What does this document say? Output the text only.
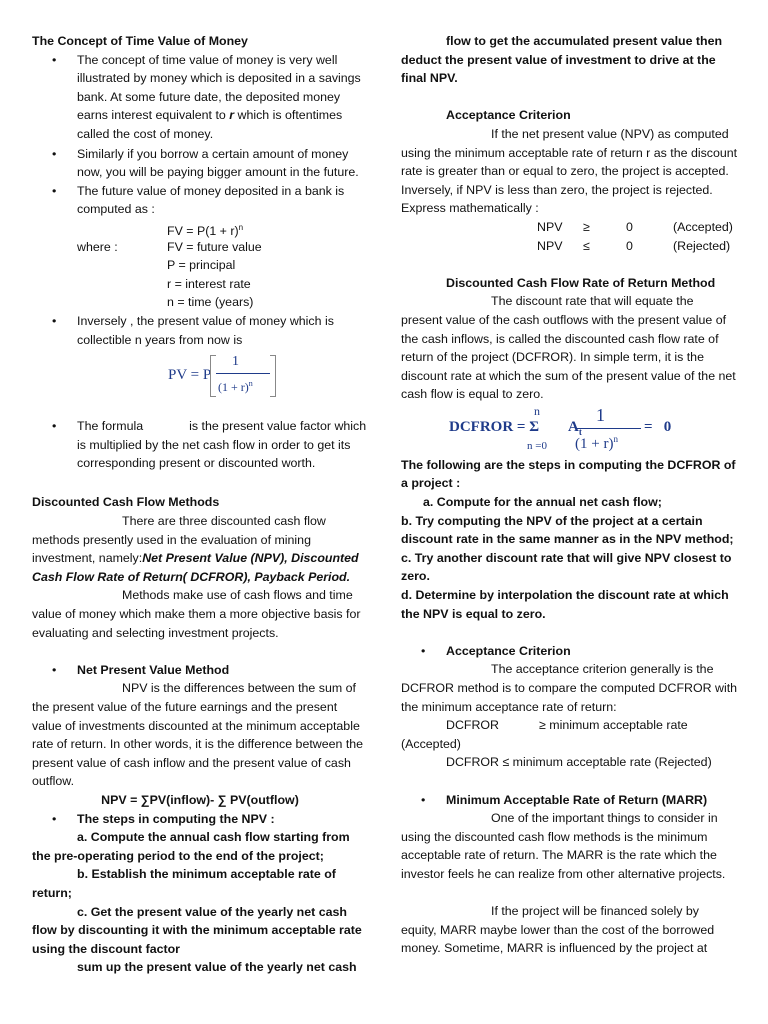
The Concept of Time Value of Money

• The concept of time value of money is very well illustrated by money which is deposited in a savings bank. At some future date, the deposited money earns interest equivalent to r which is oftentimes called the cost of money.

• Similarly if you borrow a certain amount of money now, you will be paying bigger amount in the future.

• The future value of money deposited in a bank is computed as :

FV = $P(1 + r)^n$
where :	FV = future value
P = principal
r = interest rate
n = time (years)
• Inversely , the present value of money which is collectible n years from now is

PV = P
1
$(1 + r)^n$
• The formula	is the present value factor which is multiplied by the net cash flow in order to get its corresponding present or discounted worth.

Discounted Cash Flow Methods

There are three discounted cash flow methods presently used in the evaluation of mining investment, namely:Net Present Value (NPV), Discounted Cash Flow Rate of Return( DCFROR), Payback Period.

Methods make use of cash flows and time value of money which make them a more objective basis for evaluating and selecting investment projects.

• Net Present Value Method

NPV is the differences between the sum of the present value of the future earnings and the present value of investments discounted at the minimum acceptable rate of return. In other words, it is the difference between the present value of cash inflow and the present value of cash outflow.

NPV = ∑PV(inflow)- ∑ PV(outflow)

• The steps in computing the NPV :

a. Compute the annual cash flow starting from the pre-operating period to the end of the project;

b. Establish the minimum acceptable rate of return;

c. Get the present value of the yearly net cash flow by discounting it with the minimum acceptable rate using the discount factor

sum up the present value of the yearly net cash

flow to get the accumulated present value then deduct the present value of investment to drive at the final NPV.

Acceptance Criterion

If the net present value (NPV) as computed using the minimum acceptable rate of return r as the discount rate is greater than or equal to zero, the project is accepted. Inversely, if NPV is less than zero, the project is rejected. Express mathematically :

NPV ≥	0	(Accepted)
NPV ≤	0	(Rejected)

Discounted Cash Flow Rate of Return Method

The discount rate that will equate the present value of the cash outflows with the present value of the cash inflows, is called the discounted cash flow rate of return of the project (DCFROR). In simple term, it is the discount rate at which the sum of the present value of the net cash flow is equal to zero.

n
DCFROR = Σ
n =0
$A_t$
1
$(1 + r)^n$
=   0

The following are the steps in computing the DCFROR of a project :

a. Compute for the annual net cash flow;

b. Try computing the NPV of the project at a certain discount rate in the same manner as in the NPV method;

c. Try another discount rate that will give NPV closest to zero.

d. Determine by interpolation the discount rate at which the NPV is equal to zero.

• Acceptance Criterion

The acceptance criterion generally is the DCFROR method is to compare the computed DCFROR with the minimum acceptance rate of return:

DCFROR	≥ minimum acceptable rate

(Accepted)

DCFROR ≤ minimum acceptable rate (Rejected)

• Minimum Acceptable Rate of Return (MARR)

One of the important things to consider in using the discounted cash flow methods is the minimum acceptable rate of return. The MARR is the rate which the investor feels he can realize from other alternative projects.

If the project will be financed solely by equity, MARR maybe lower than the cost of the borrowed money. Sometime, MARR is influenced by the project at
